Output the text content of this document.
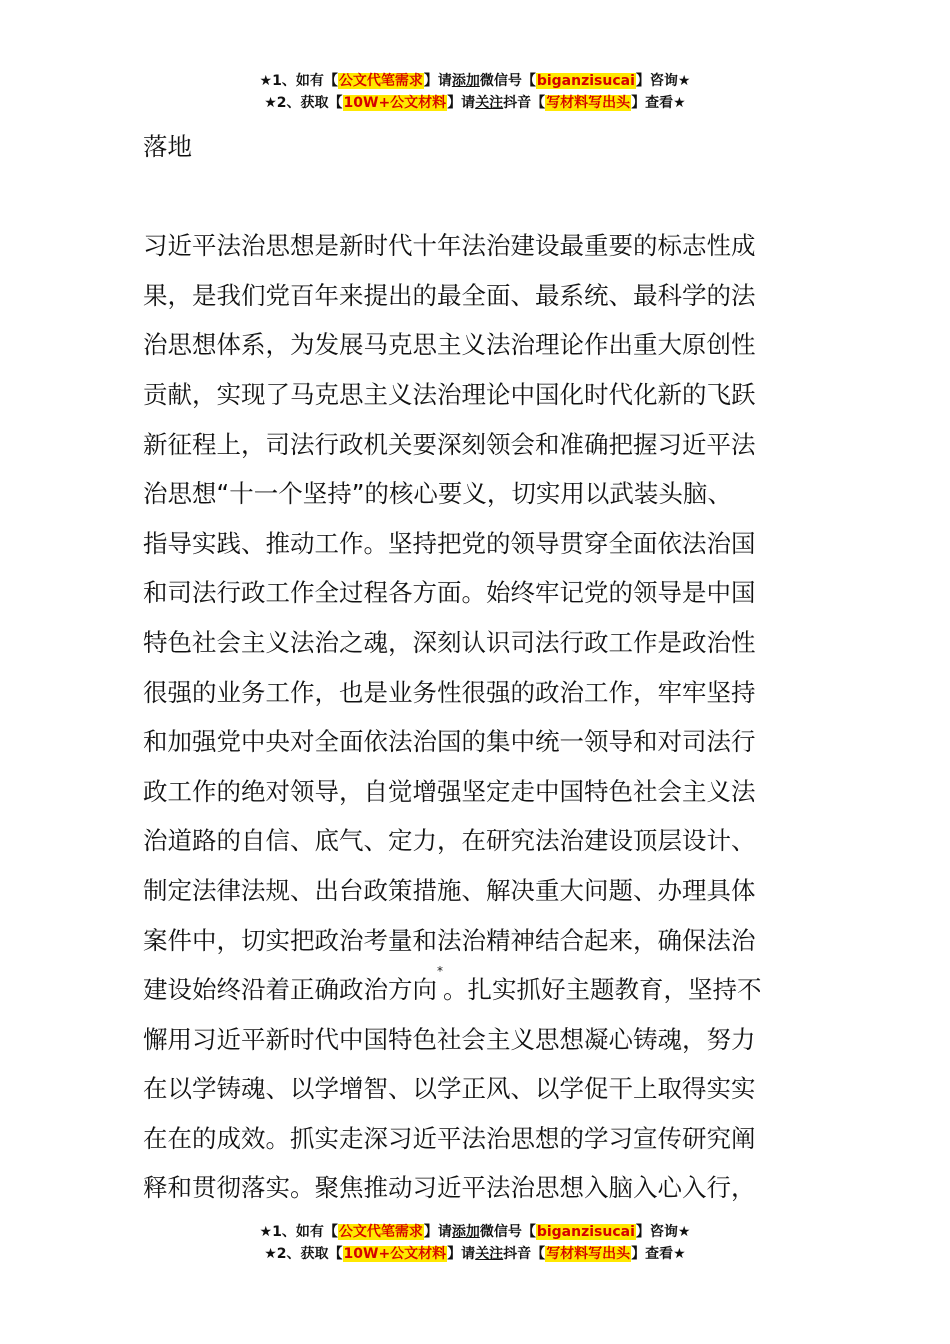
★1、如有【公文代笔需求】请添加微信号【biganzisucai】咨询★
★2、获取【10W+公文材料】请关注抖音【写材料写出头】查看★
落地
习近平法治思想是新时代十年法治建设最重要的标志性成
果，是我们党百年来提出的最全面、最系统、最科学的法
治思想体系，为发展马克思主义法治理论作出重大原创性
贡献，实现了马克思主义法治理论中国化时代化新的飞跃
新征程上，司法行政机关要深刻领会和准确把握习近平法
治思想“十一个坚持”的核心要义，切实用以武装头脑、
指导实践、推动工作。坚持把党的领导贯穿全面依法治国
和司法行政工作全过程各方面。始终牢记党的领导是中国
特色社会主义法治之魂，深刻认识司法行政工作是政治性
很强的业务工作，也是业务性很强的政治工作，牢牢坚持
和加强党中央对全面依法治国的集中统一领导和对司法行
政工作的绝对领导，自觉增强坚定走中国特色社会主义法
治道路的自信、底气、定力，在研究法治建设顶层设计、
制定法律法规、出台政策措施、解决重大问题、办理具体
案件中，切实把政治考量和法治精神结合起来，确保法治
建设始终沿着正确政治方向*。扎实抓好主题教育，坚持不
懈用习近平新时代中国特色社会主义思想凝心铸魂，努力
在以学铸魂、以学增智、以学正风、以学促干上取得实实
在在的成效。抓实走深习近平法治思想的学习宣传研究阐
释和贯彻落实。聚焦推动习近平法治思想入脑入心入行，
★1、如有【公文代笔需求】请添加微信号【biganzisucai】咨询★
★2、获取【10W+公文材料】请关注抖音【写材料写出头】查看★
